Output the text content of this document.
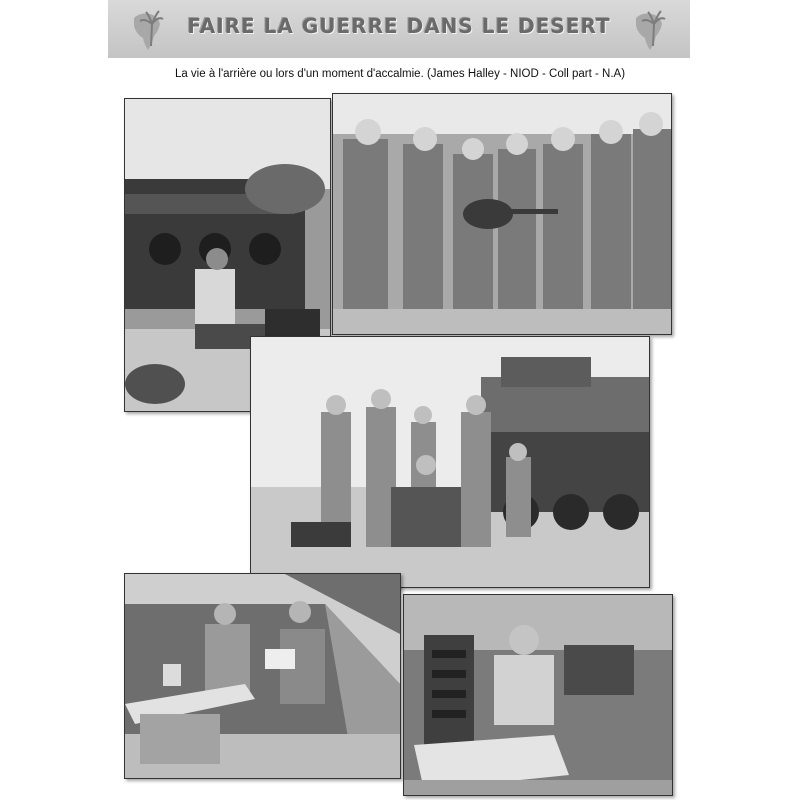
FAIRE LA GUERRE DANS LE DESERT
La vie à l'arrière ou lors d'un moment d'accalmie. (James Halley - NIOD - Coll part - N.A)
